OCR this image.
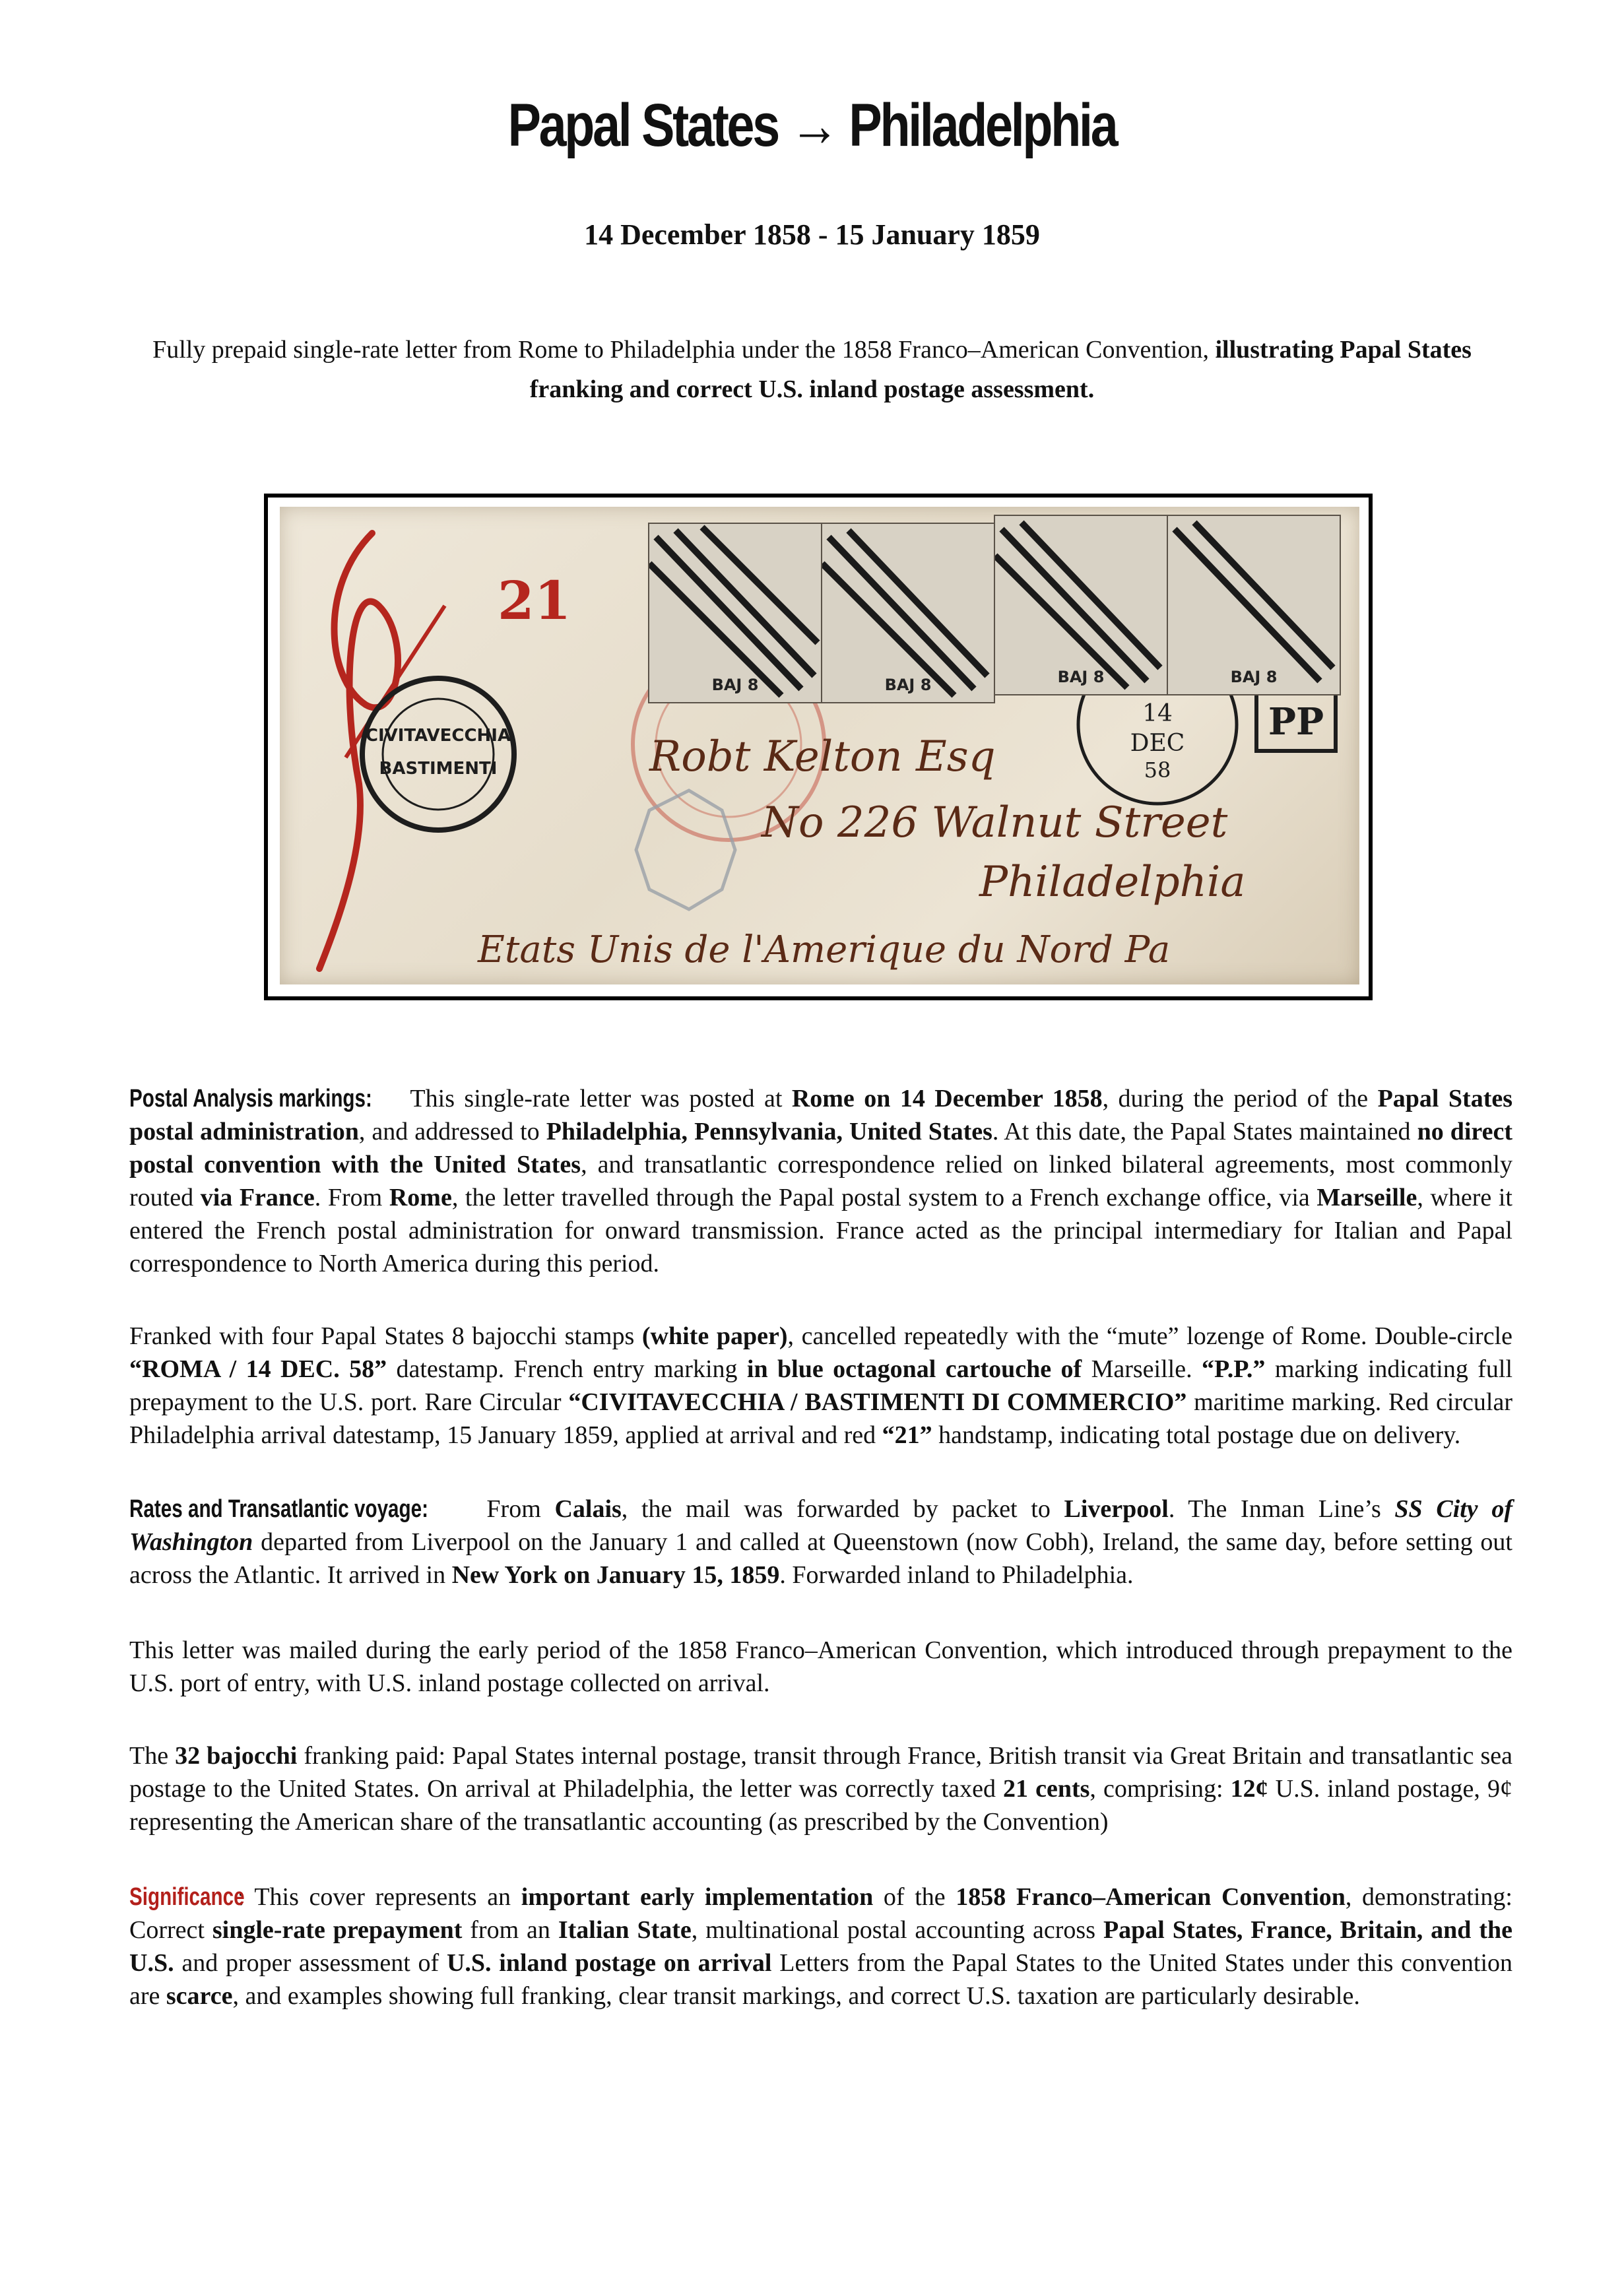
Papal States → Philadelphia
14 December 1858 - 15 January 1859
Fully prepaid single-rate letter from Rome to Philadelphia under the 1858 Franco–American Convention, illustrating Papal States franking and correct U.S. inland postage assessment.
21
CIVITAVECCHIA
BASTIMENTI
14
DEC
58
PP
Robt Kelton Esq
No 226 Walnut Street
Philadelphia
Etats Unis de l'Amerique du Nord Pa
BAJ 8	BAJ 8	BAJ 8	BAJ 8

Postal Analysis markings: This single-rate letter was posted at Rome on 14 December 1858, during the period of the Papal States postal administration, and addressed to Philadelphia, Pennsylvania, United States. At this date, the Papal States maintained no direct postal convention with the United States, and transatlantic correspondence relied on linked bilateral agreements, most commonly routed via France. From Rome, the letter travelled through the Papal postal system to a French exchange office, via Marseille, where it entered the French postal administration for onward transmission. France acted as the principal intermediary for Italian and Papal correspondence to North America during this period.

Franked with four Papal States 8 bajocchi stamps (white paper), cancelled repeatedly with the “mute” lozenge of Rome. Double-circle “ROMA / 14 DEC. 58” datestamp. French entry marking in blue octagonal cartouche of Marseille. “P.P.” marking indicating full prepayment to the U.S. port. Rare Circular “CIVITAVECCHIA / BASTIMENTI DI COMMERCIO” maritime marking. Red circular Philadelphia arrival datestamp, 15 January 1859, applied at arrival and red “21” handstamp, indicating total postage due on delivery.

Rates and Transatlantic voyage: From Calais, the mail was forwarded by packet to Liverpool. The Inman Line’s SS City of Washington departed from Liverpool on the January 1 and called at Queenstown (now Cobh), Ireland, the same day, before setting out across the Atlantic. It arrived in New York on January 15, 1859. Forwarded inland to Philadelphia.

This letter was mailed during the early period of the 1858 Franco–American Convention, which introduced through prepayment to the U.S. port of entry, with U.S. inland postage collected on arrival.

The 32 bajocchi franking paid: Papal States internal postage, transit through France, British transit via Great Britain and transatlantic sea postage to the United States. On arrival at Philadelphia, the letter was correctly taxed 21 cents, comprising: 12¢ U.S. inland postage, 9¢ representing the American share of the transatlantic accounting (as prescribed by the Convention)

Significance: This cover represents an important early implementation of the 1858 Franco–American Convention, demonstrating: Correct single-rate prepayment from an Italian State, multinational postal accounting across Papal States, France, Britain, and the U.S. and proper assessment of U.S. inland postage on arrival Letters from the Papal States to the United States under this convention are scarce, and examples showing full franking, clear transit markings, and correct U.S. taxation are particularly desirable.
